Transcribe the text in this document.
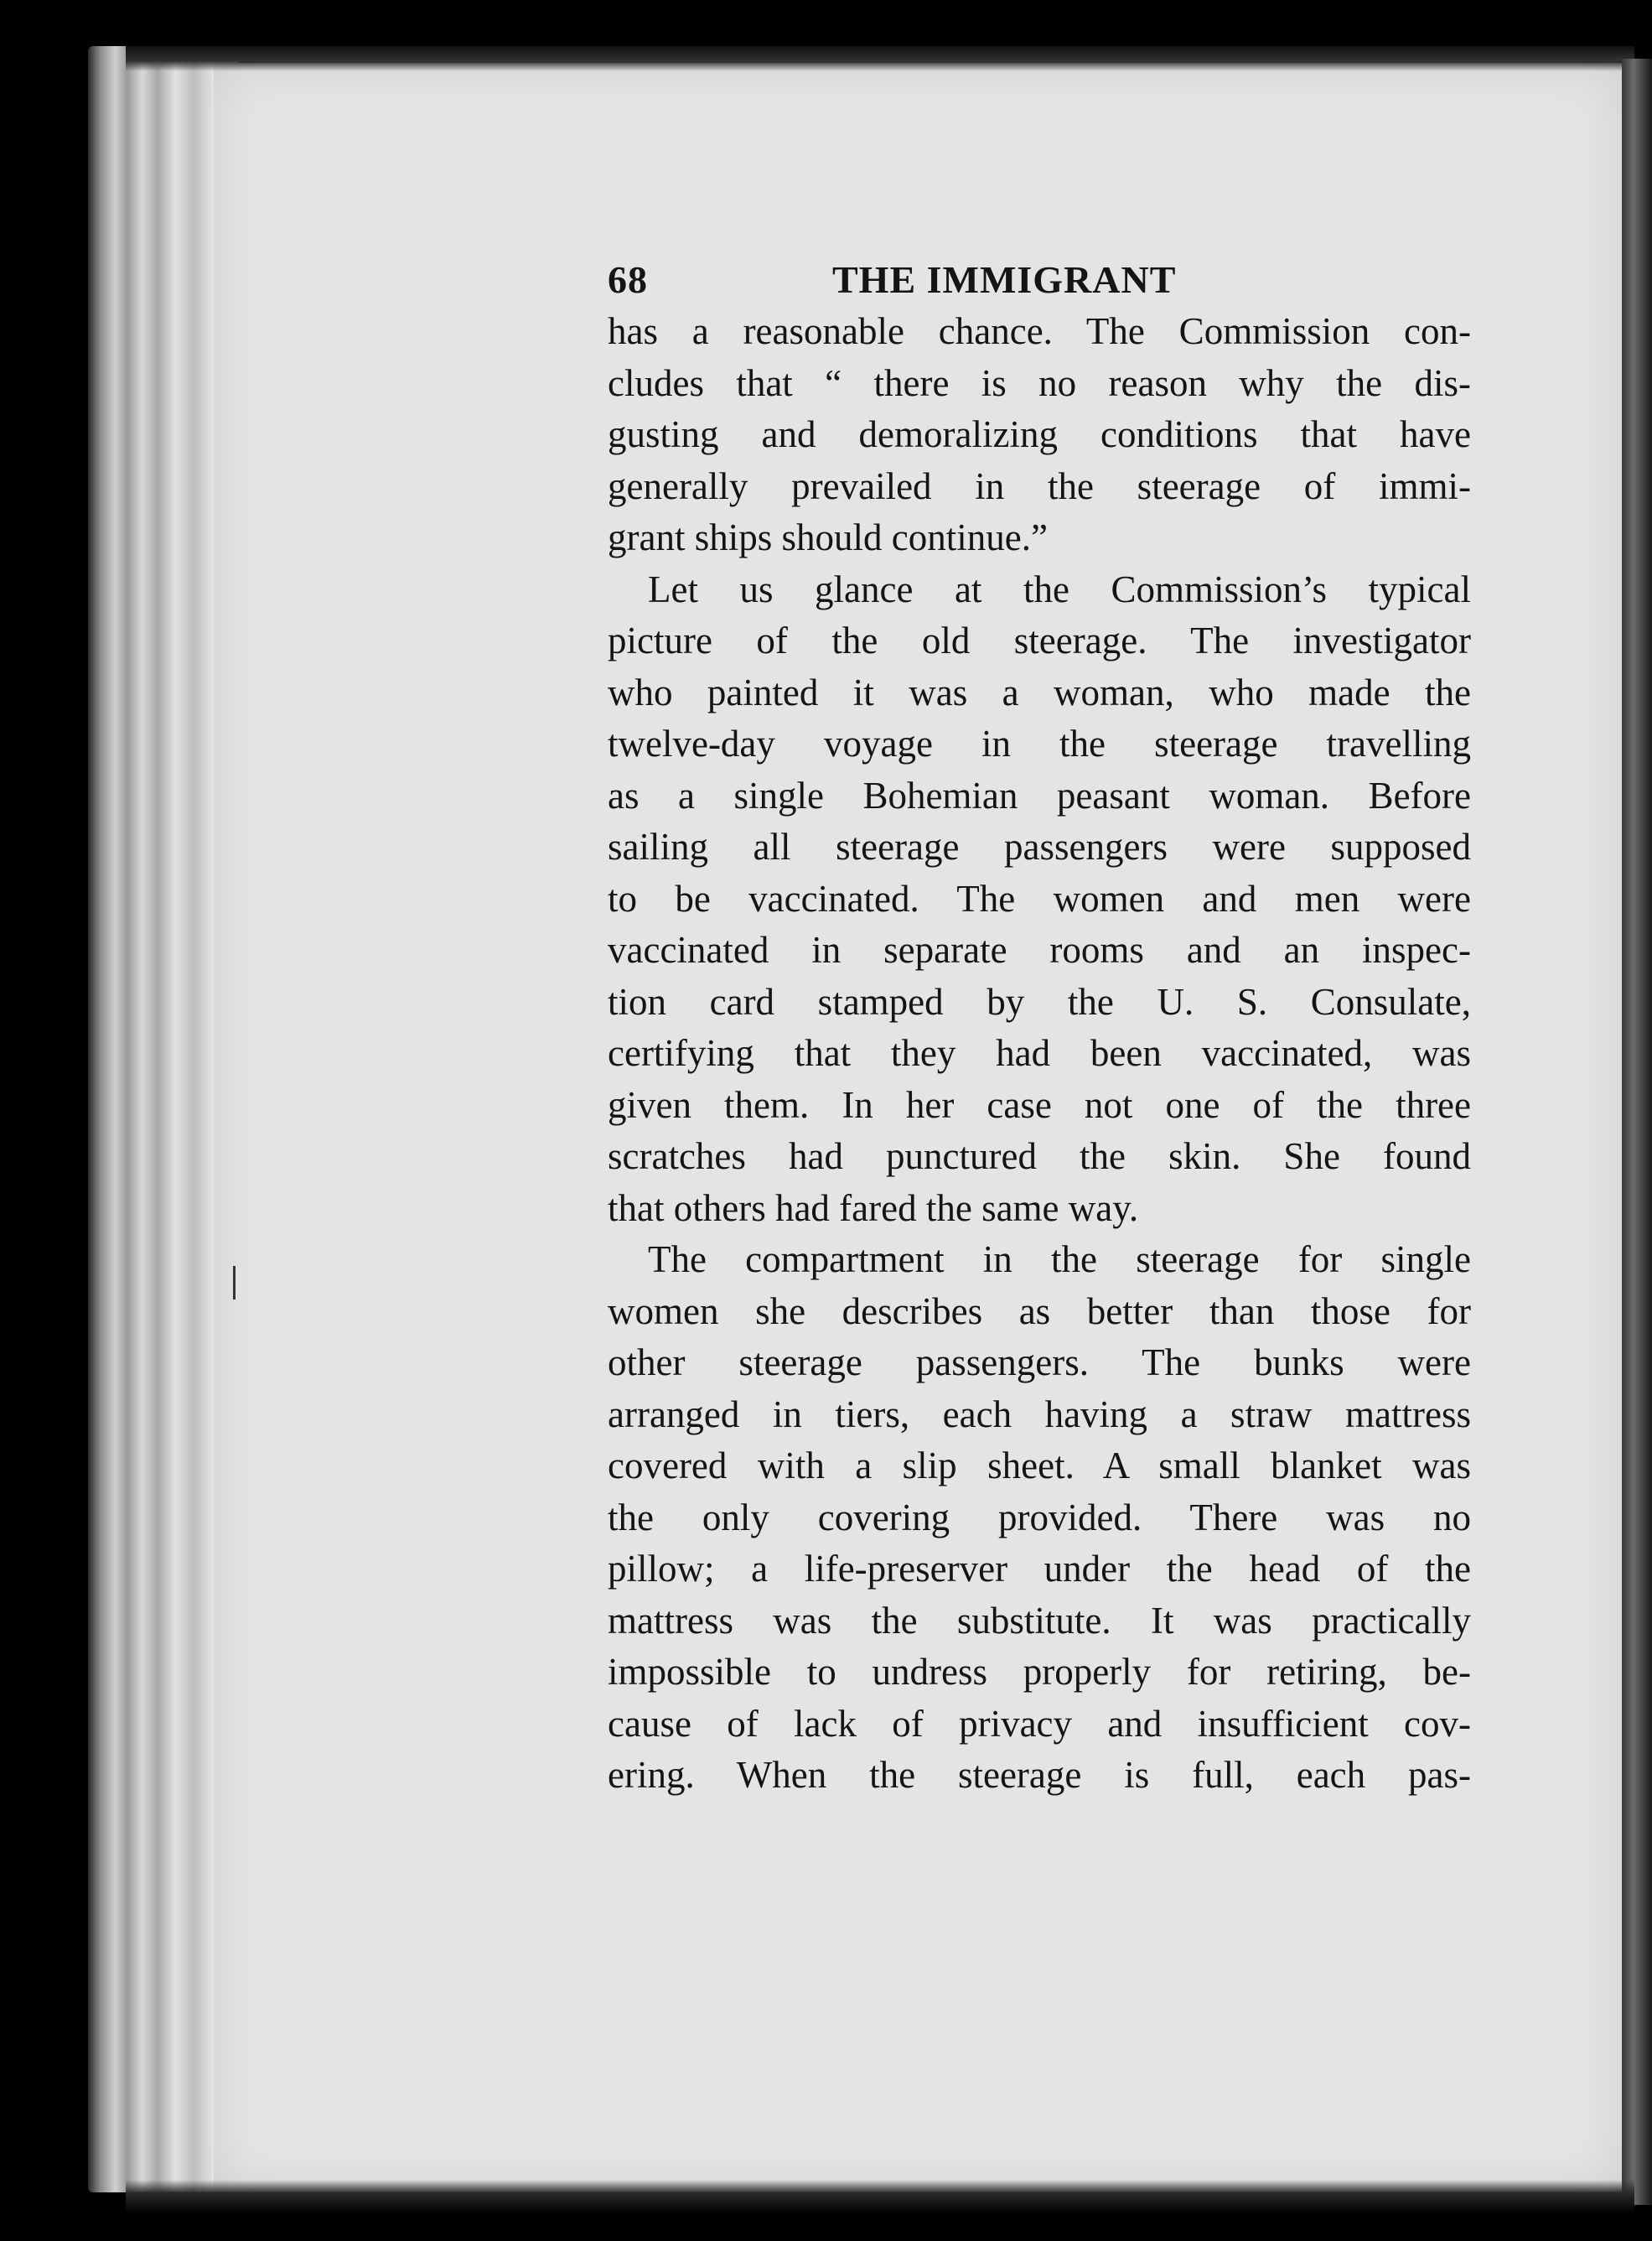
68	THE IMMIGRANT
has a reasonable chance. The Commission con-
cludes that “ there is no reason why the dis-
gusting and demoralizing conditions that have
generally prevailed in the steerage of immi-
grant ships should continue.”
Let us glance at the Commission’s typical
picture of the old steerage. The investigator
who painted it was a woman, who made the
twelve-day voyage in the steerage travelling
as a single Bohemian peasant woman. Before
sailing all steerage passengers were supposed
to be vaccinated. The women and men were
vaccinated in separate rooms and an inspec-
tion card stamped by the U. S. Consulate,
certifying that they had been vaccinated, was
given them. In her case not one of the three
scratches had punctured the skin. She found
that others had fared the same way.
The compartment in the steerage for single
women she describes as better than those for
other steerage passengers. The bunks were
arranged in tiers, each having a straw mattress
covered with a slip sheet. A small blanket was
the only covering provided. There was no
pillow; a life-preserver under the head of the
mattress was the substitute. It was practically
impossible to undress properly for retiring, be-
cause of lack of privacy and insufficient cov-
ering. When the steerage is full, each pas-
